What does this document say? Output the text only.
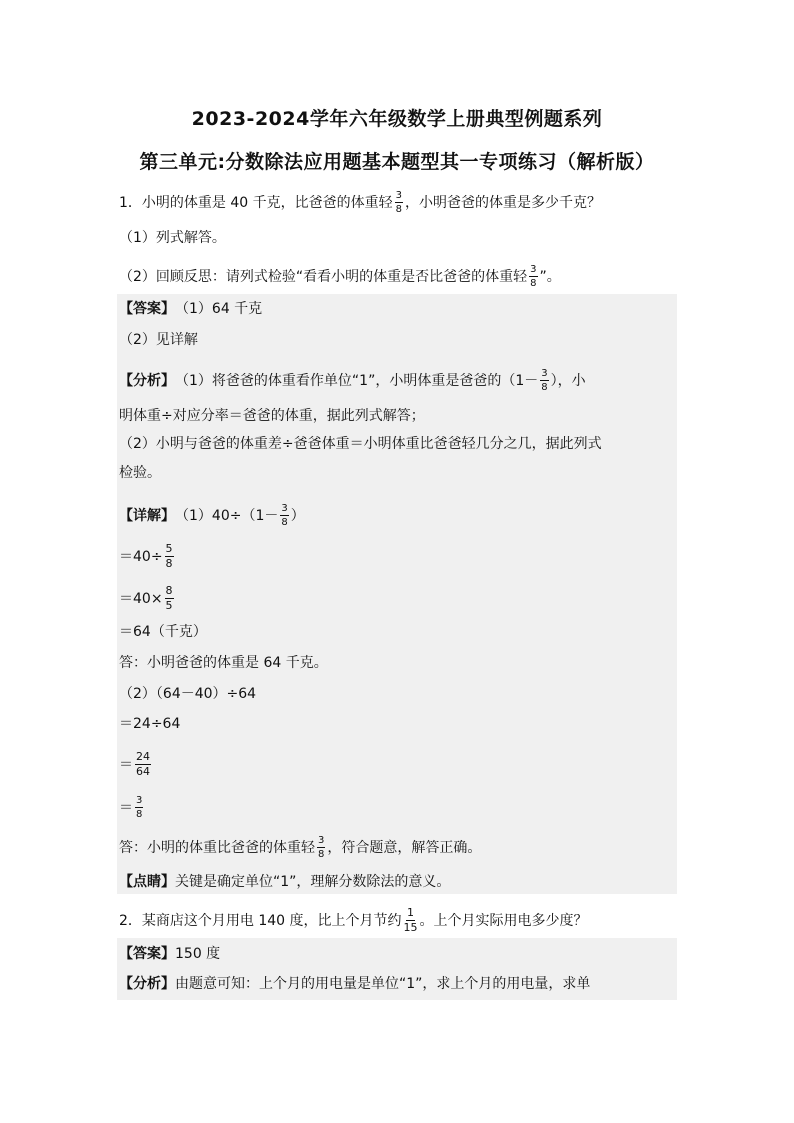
2023-2024学年六年级数学上册典型例题系列
第三单元:分数除法应用题基本题型其一专项练习（解析版）
1．小明的体重是 40 千克，比爸爸的体重轻 $\frac{3}{8}$ ，小明爸爸的体重是多少千克？
（1）列式解答。
（2）回顾反思：请列式检验“看看小明的体重是否比爸爸的体重轻 $\frac{3}{8}$ ”。
【答案】 （1）64 千克
（2）见详解
【分析】 （1）将爸爸的体重看作单位“1”，小明体重是爸爸的（$1- \frac{3}{8}$ ），小
明体重÷对应分率＝爸爸的体重，据此列式解答；
（2）小明与爸爸的体重差÷爸爸体重＝小明体重比爸爸轻几分之几，据此列式
检验。
【详解】 $(1)40\div(1- \frac{3}{8}$ ）
$=40\div \frac{5}{8}$
$=40\times \frac{8}{5}$
＝64（千克）
答：小明爸爸的体重是 64 千克。
（2）（64－40）÷64
＝24÷64
＝ $\frac{24}{64}$
＝ $\frac{3}{8}$
答：小明的体重比爸爸的体重轻 $\frac{3}{8}$ ，符合题意，解答正确。
【点睛】 关键是确定单位“1”，理解分数除法的意义。
2．某商店这个月用电 140 度，比上个月节约 $\frac{1}{15}$ 。上个月实际用电多少度？
【答案】 150 度
【分析】 由题意可知：上个月的用电量是单位“1”，求上个月的用电量，求单
